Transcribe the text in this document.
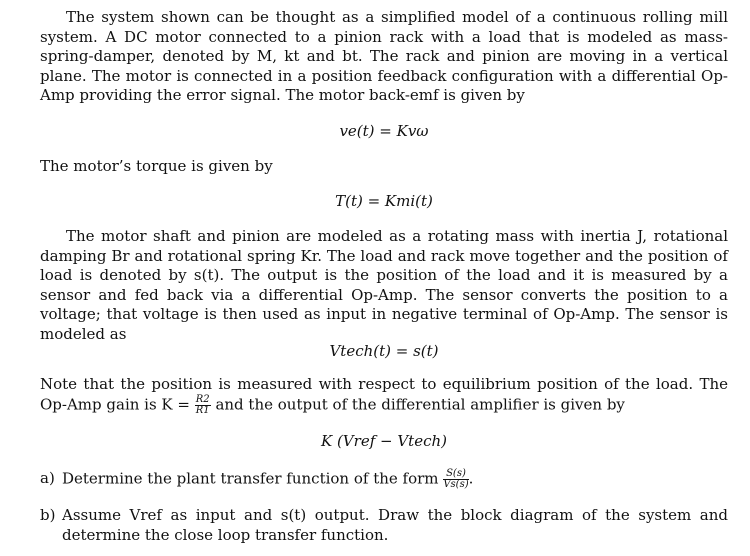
The system shown can be thought as a simplified model of a continuous rolling mill system. A DC motor connected to a pinion rack with a load that is modeled as mass-spring-damper, denoted by M, kt and bt. The rack and pinion are moving in a vertical plane. The motor is connected in a position feedback configuration with a differential Op-Amp providing the error signal. The motor back-emf is given by
ve(t) = Kvω
The motor’s torque is given by
T(t) = Kmi(t)
The motor shaft and pinion are modeled as a rotating mass with inertia J, rotational damping Br and rotational spring Kr. The load and rack move together and the position of load is denoted by s(t). The output is the position of the load and it is measured by a sensor and fed back via a differential Op-Amp. The sensor converts the position to a voltage; that voltage is then used as input in negative terminal of Op-Amp. The sensor is modeled as
Vtech(t) = s(t)
Note that the position is measured with respect to equilibrium position of the load. The Op-Amp gain is $K = \frac{R2}{R1}$ and the output of the differential amplifier is given by
K (Vref − Vtech)
a) Determine the plant transfer function of the form $\frac{S(s)}{Vs(s)}$ .
b) Assume Vref as input and s(t) output. Draw the block diagram of the system and determine the close loop transfer function.
